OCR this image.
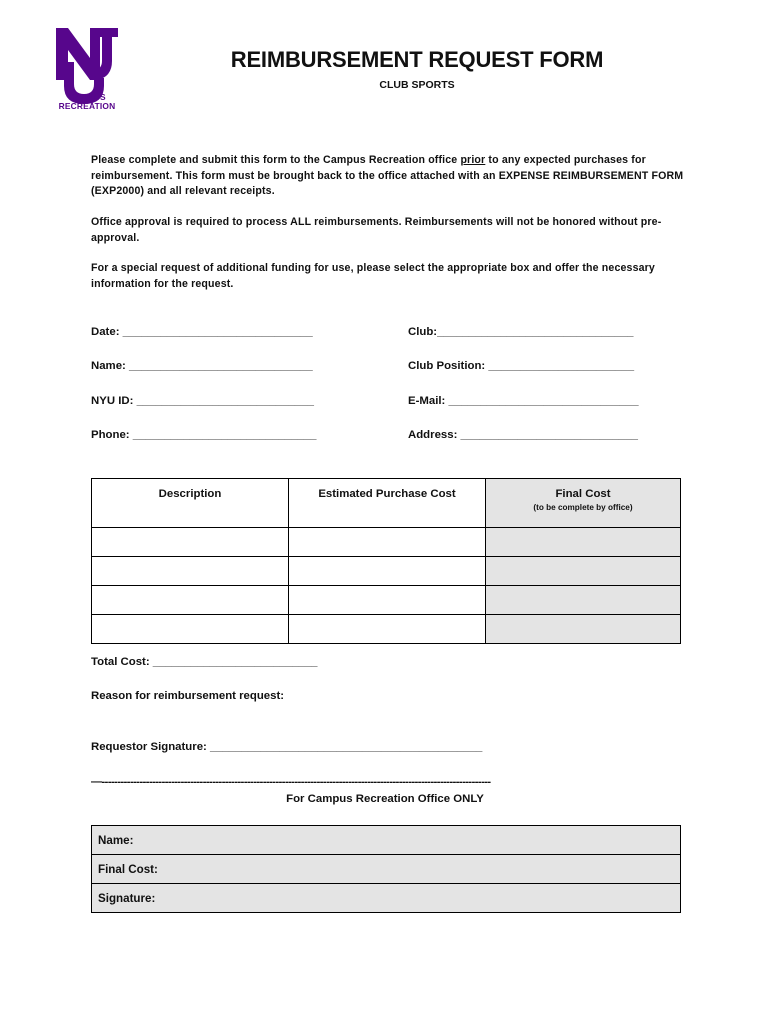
CAMPUS
RECREATION
REIMBURSEMENT REQUEST FORM
CLUB SPORTS
Please complete and submit this form to the Campus Recreation office prior to any expected purchases for reimbursement. This form must be brought back to the office attached with an EXPENSE REIMBURSEMENT FORM (EXP2000) and all relevant receipts.
Office approval is required to process ALL reimbursements. Reimbursements will not be honored without pre-approval.
For a special request of additional funding for use, please select the appropriate box and offer the necessary information for the request.
Date: ______________________________	Club:_______________________________
Name: _____________________________	Club Position: _______________________
NYU ID: ____________________________	E-Mail: ______________________________
Phone: _____________________________	Address: ____________________________
Description	Estimated Purchase Cost	Final Cost
(to be complete by office)

Total Cost: __________________________
Reason for reimbursement request:
Requestor Signature: ___________________________________________
—---------------------------------------------------------------------------------------------------------------------------
For Campus Recreation Office ONLY
Name:
Final Cost:
Signature:
